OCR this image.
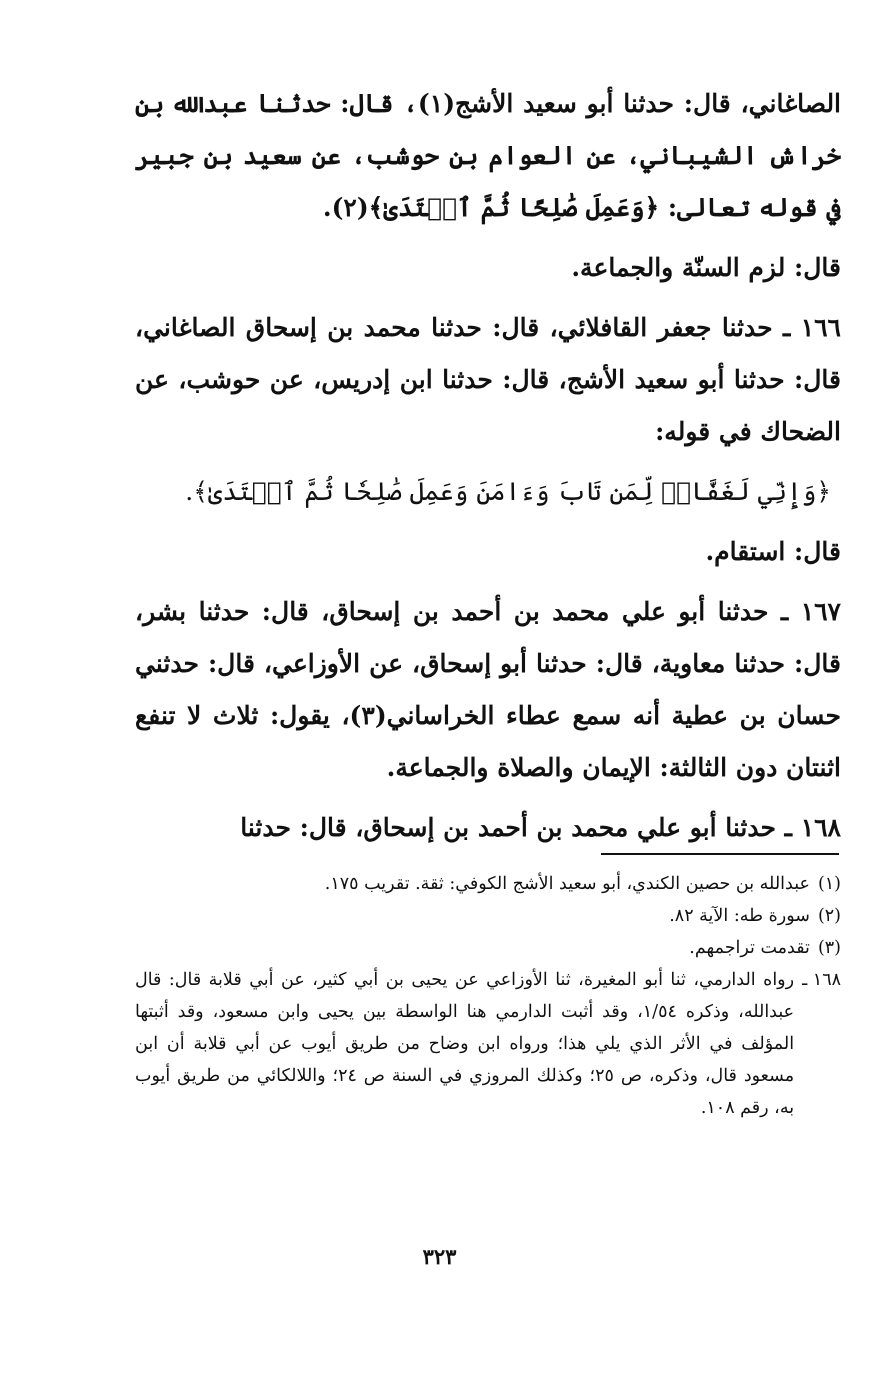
الصاغاني، قال: حدثنا أبو سعيد الأشج(١)، قال: حدثنا عبدالله بن خراش الشيباني، عن العوام بن حوشب، عن سعيد بن جبير في قوله تعالى: ﴿وَعَمِلَ صَٰلِحًا ثُمَّ ٱهۡتَدَىٰ﴾(٢).

قال: لزم السنّة والجماعة.

١٦٦ ـ حدثنا جعفر القافلائي، قال: حدثنا محمد بن إسحاق الصاغاني، قال: حدثنا أبو سعيد الأشج، قال: حدثنا ابن إدريس، عن حوشب، عن الضحاك في قوله:

﴿وَإِنِّي لَغَفَّارٞ لِّمَن تَابَ وَءَامَنَ وَعَمِلَ صَٰلِحٗا ثُمَّ ٱهۡتَدَىٰ﴾.

قال: استقام.

١٦٧ ـ حدثنا أبو علي محمد بن أحمد بن إسحاق، قال: حدثنا بشر، قال: حدثنا معاوية، قال: حدثنا أبو إسحاق، عن الأوزاعي، قال: حدثني حسان بن عطية أنه سمع عطاء الخراساني(٣)، يقول: ثلاث لا تنفع اثنتان دون الثالثة: الإيمان والصلاة والجماعة.

١٦٨ ـ حدثنا أبو علي محمد بن أحمد بن إسحاق، قال: حدثنا

(١)
عبدالله بن حصين الكندي، أبو سعيد الأشج الكوفي: ثقة. تقريب ١٧٥.
(٢)
سورة طه: الآية ٨٢.
(٣)
تقدمت تراجمهم.
١٦٨ ـ
رواه الدارمي، ثنا أبو المغيرة، ثنا الأوزاعي عن يحيى بن أبي كثير، عن أبي قلابة قال: قال عبدالله، وذكره ١/٥٤، وقد أثبت الدارمي هنا الواسطة بين يحيى وابن مسعود، وقد أثبتها المؤلف في الأثر الذي يلي هذا؛ ورواه ابن وضاح من طريق أيوب عن أبي قلابة أن ابن مسعود قال، وذكره، ص ٢٥؛ وكذلك المروزي في السنة ص ٢٤؛ واللالكائي من طريق أيوب به، رقم ١٠٨.
٣٢٣
